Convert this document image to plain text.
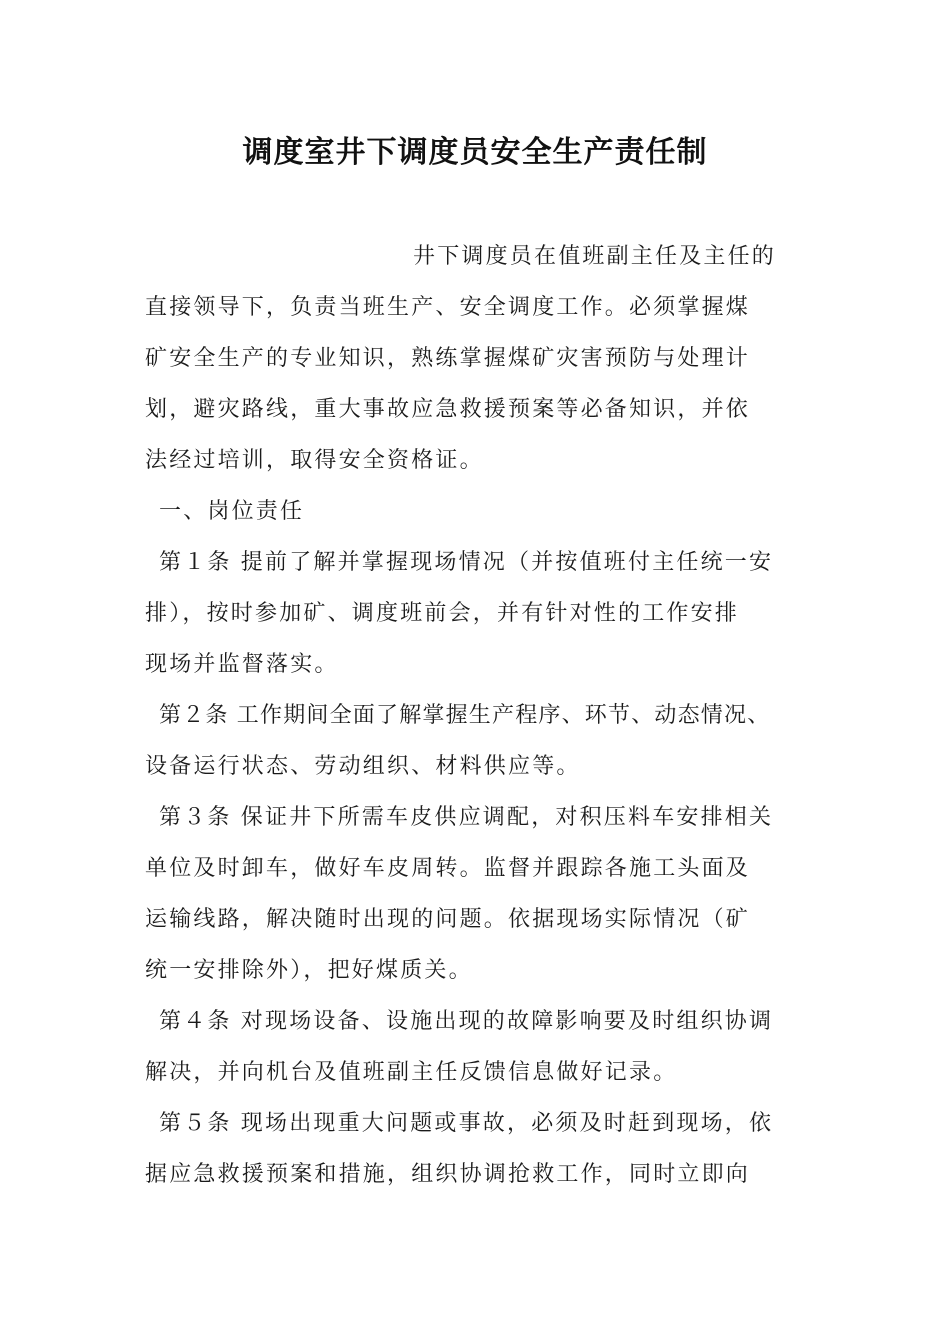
调度室井下调度员安全生产责任制
井下调度员在值班副主任及主任的
直接领导下，负责当班生产、安全调度工作。必须掌握煤
矿安全生产的专业知识，熟练掌握煤矿灾害预防与处理计
划，避灾路线，重大事故应急救援预案等必备知识，并依
法经过培训，取得安全资格证。
一、岗位责任
第１条 提前了解并掌握现场情况（并按值班付主任统一安
排），按时参加矿、调度班前会，并有针对性的工作安排
现场并监督落实。
第２条 工作期间全面了解掌握生产程序、环节、动态情况、
设备运行状态、劳动组织、材料供应等。
第３条 保证井下所需车皮供应调配，对积压料车安排相关
单位及时卸车，做好车皮周转。监督并跟踪各施工头面及
运输线路，解决随时出现的问题。依据现场实际情况（矿
统一安排除外），把好煤质关。
第４条 对现场设备、设施出现的故障影响要及时组织协调
解决，并向机台及值班副主任反馈信息做好记录。
第５条 现场出现重大问题或事故，必须及时赶到现场，依
据应急救援预案和措施，组织协调抢救工作，同时立即向
